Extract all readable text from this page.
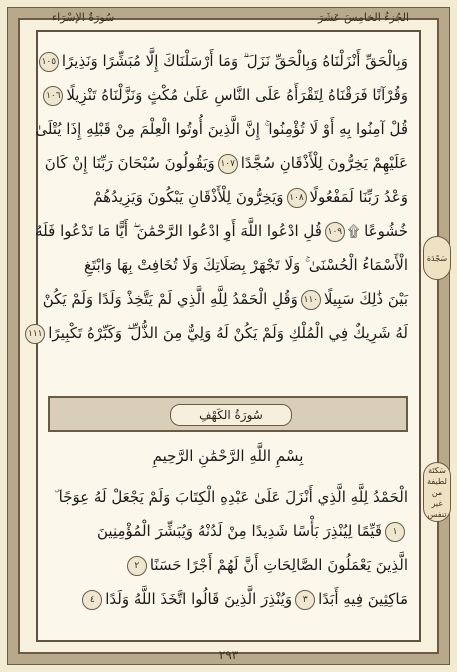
الجُزءُ الخامِسَ عَشَرَ
سُورَةُ الإسْرَاء
وَبِالْحَقِّ أَنْزَلْنَاهُ وَبِالْحَقِّ نَزَلَ ۗ وَمَا أَرْسَلْنَاكَ إِلَّا مُبَشِّرًا وَنَذِيرًا١٠٥
وَقُرْآنًا فَرَقْنَاهُ لِتَقْرَأَهُ عَلَى النَّاسِ عَلَىٰ مُكْثٍ وَنَزَّلْنَاهُ تَنْزِيلًا١٠٦
قُلْ آمِنُوا بِهِ أَوْ لَا تُؤْمِنُوا ۚ إِنَّ الَّذِينَ أُوتُوا الْعِلْمَ مِنْ قَبْلِهِ إِذَا يُتْلَىٰ
عَلَيْهِمْ يَخِرُّونَ لِلْأَذْقَانِ سُجَّدًا١٠٧وَيَقُولُونَ سُبْحَانَ رَبِّنَا إِنْ كَانَ
وَعْدُ رَبِّنَا لَمَفْعُولًا١٠٨وَيَخِرُّونَ لِلْأَذْقَانِ يَبْكُونَ وَيَزِيدُهُمْ
خُشُوعًا ۩١٠٩قُلِ ادْعُوا اللَّهَ أَوِ ادْعُوا الرَّحْمَٰنَ ۖ أَيًّا مَا تَدْعُوا فَلَهُ
الْأَسْمَاءُ الْحُسْنَىٰ ۚ وَلَا تَجْهَرْ بِصَلَاتِكَ وَلَا تُخَافِتْ بِهَا وَابْتَغِ
بَيْنَ ذَٰلِكَ سَبِيلًا١١٠وَقُلِ الْحَمْدُ لِلَّهِ الَّذِي لَمْ يَتَّخِذْ وَلَدًا وَلَمْ يَكُنْ
لَهُ شَرِيكٌ فِي الْمُلْكِ وَلَمْ يَكُنْ لَهُ وَلِيٌّ مِنَ الذُّلِّ ۖ وَكَبِّرْهُ تَكْبِيرًا١١١
سُورَةُ الكَهْفِ
بِسْمِ اللَّهِ الرَّحْمَٰنِ الرَّحِيمِ
الْحَمْدُ لِلَّهِ الَّذِي أَنْزَلَ عَلَىٰ عَبْدِهِ الْكِتَابَ وَلَمْ يَجْعَلْ لَهُ عِوَجًا ۜ
١قَيِّمًا لِيُنْذِرَ بَأْسًا شَدِيدًا مِنْ لَدُنْهُ وَيُبَشِّرَ الْمُؤْمِنِينَ
الَّذِينَ يَعْمَلُونَ الصَّالِحَاتِ أَنَّ لَهُمْ أَجْرًا حَسَنًا٢
مَاكِثِينَ فِيهِ أَبَدًا٣وَيُنْذِرَ الَّذِينَ قَالُوا اتَّخَذَ اللَّهُ وَلَدًا٤
سَجْدَة
سَكتَة لطيفة من غير تنفس
٢٩٣
